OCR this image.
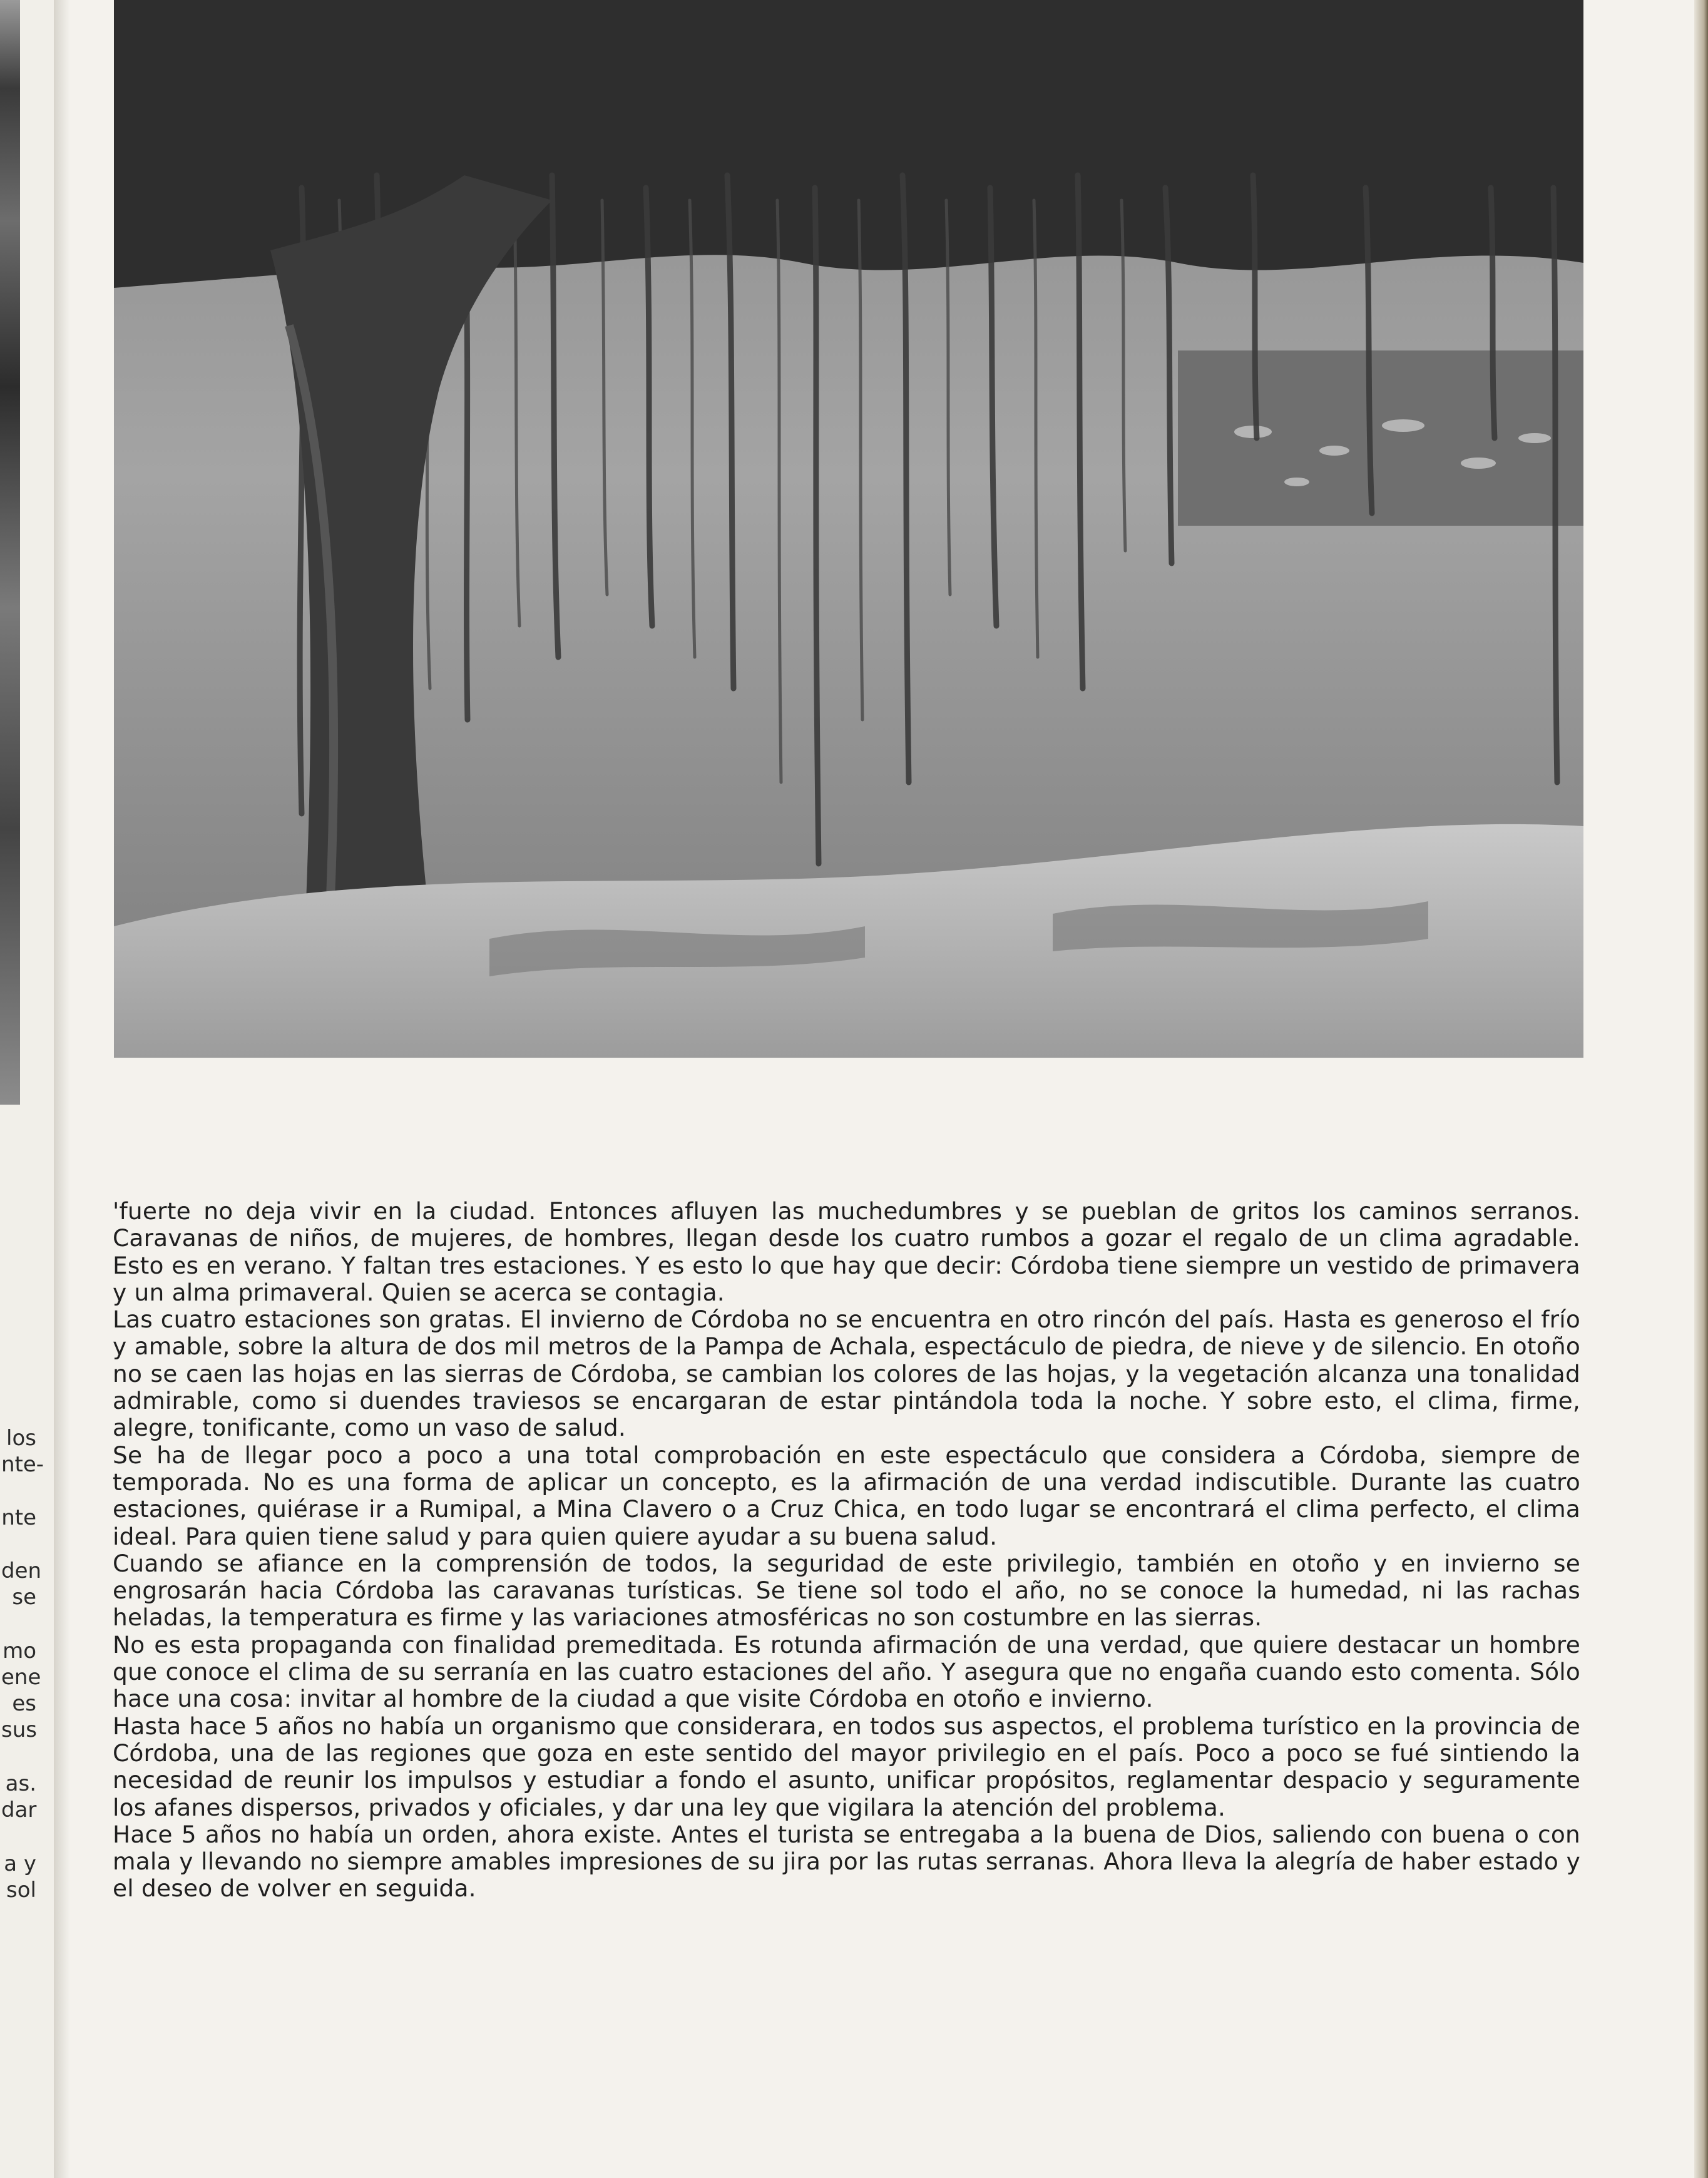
los
nte-
nte
den
se
mo
ene
es
sus
as.
dar
a y
sol

'fuerte no deja vivir en la ciudad. Entonces afluyen las muchedumbres y se pueblan de gritos los caminos serranos. Caravanas de niños, de mujeres, de hombres, llegan desde los cuatro rumbos a gozar el regalo de un clima agradable. Esto es en verano. Y faltan tres estaciones. Y es esto lo que hay que decir: Córdoba tiene siempre un vestido de primavera y un alma primaveral. Quien se acerca se contagia.

Las cuatro estaciones son gratas. El invierno de Córdoba no se encuentra en otro rincón del país. Hasta es generoso el frío y amable, sobre la altura de dos mil metros de la Pampa de Achala, espectáculo de piedra, de nieve y de silencio. En otoño no se caen las hojas en las sierras de Córdoba, se cambian los colores de las hojas, y la vegetación alcanza una tonalidad admirable, como si duendes traviesos se encargaran de estar pintándola toda la noche. Y sobre esto, el clima, firme, alegre, tonificante, como un vaso de salud.

Se ha de llegar poco a poco a una total comprobación en este espectáculo que considera a Córdoba, siempre de temporada. No es una forma de aplicar un concepto, es la afirmación de una verdad indiscutible. Durante las cuatro estaciones, quiérase ir a Rumipal, a Mina Clavero o a Cruz Chica, en todo lugar se encontrará el clima perfecto, el clima ideal. Para quien tiene salud y para quien quiere ayudar a su buena salud.

Cuando se afiance en la comprensión de todos, la seguridad de este privilegio, también en otoño y en invierno se engrosarán hacia Córdoba las caravanas turísticas. Se tiene sol todo el año, no se conoce la humedad, ni las rachas heladas, la temperatura es firme y las variaciones atmosféricas no son costumbre en las sierras.

No es esta propaganda con finalidad premeditada. Es rotunda afirmación de una verdad, que quiere destacar un hombre que conoce el clima de su serranía en las cuatro estaciones del año. Y asegura que no engaña cuando esto comenta. Sólo hace una cosa: invitar al hombre de la ciudad a que visite Córdoba en otoño e invierno.

Hasta hace 5 años no había un organismo que considerara, en todos sus aspectos, el problema turístico en la provincia de Córdoba, una de las regiones que goza en este sentido del mayor privilegio en el país. Poco a poco se fué sintiendo la necesidad de reunir los impulsos y estudiar a fondo el asunto, unificar propósitos, reglamentar despacio y seguramente los afanes dispersos, privados y oficiales, y dar una ley que vigilara la atención del problema.

Hace 5 años no había un orden, ahora existe. Antes el turista se entregaba a la buena de Dios, saliendo con buena o con mala y llevando no siempre amables impresiones de su jira por las rutas serranas. Ahora lleva la alegría de haber estado y el deseo de volver en seguida.
